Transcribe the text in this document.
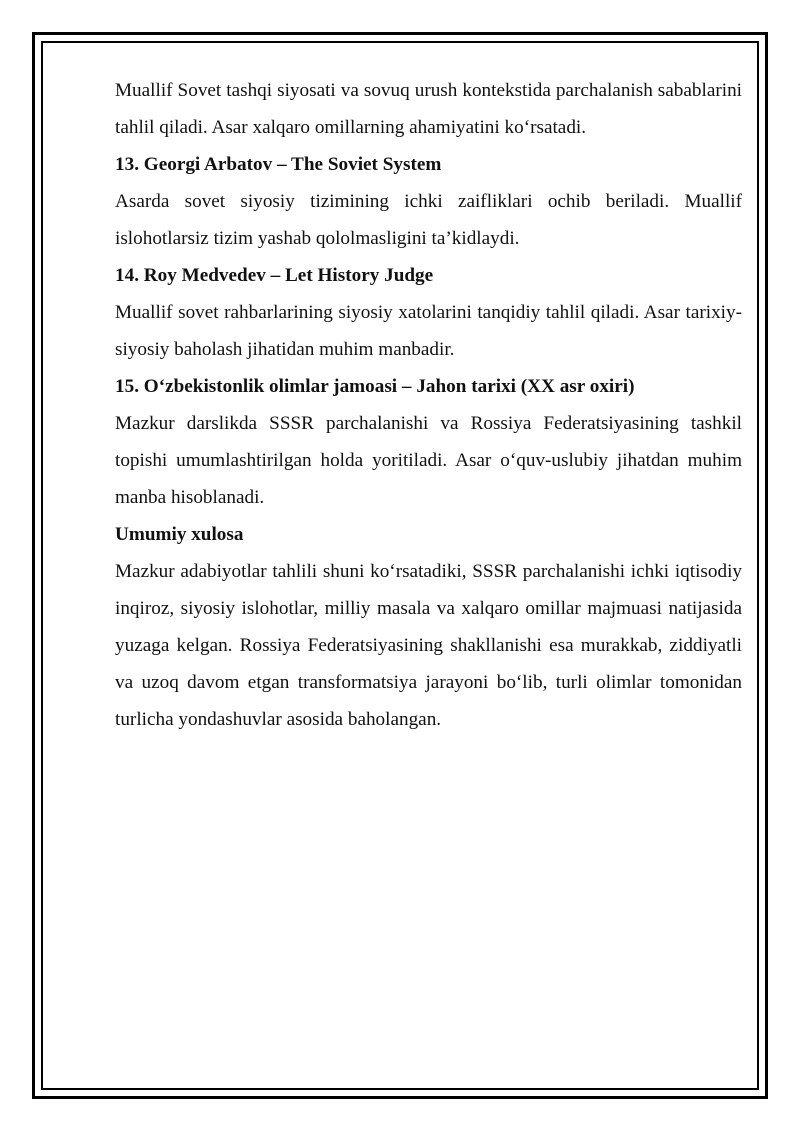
Muallif Sovet tashqi siyosati va sovuq urush kontekstida parchalanish sabablarini tahlil qiladi. Asar xalqaro omillarning ahamiyatini koʻrsatadi.

13. Georgi Arbatov – The Soviet System

Asarda sovet siyosiy tizimining ichki zaifliklari ochib beriladi. Muallif islohotlarsiz tizim yashab qololmasligini ta’kidlaydi.

14. Roy Medvedev – Let History Judge

Muallif sovet rahbarlarining siyosiy xatolarini tanqidiy tahlil qiladi. Asar tarixiy-siyosiy baholash jihatidan muhim manbadir.

15. Oʻzbekistonlik olimlar jamoasi – Jahon tarixi (XX asr oxiri)

Mazkur darslikda SSSR parchalanishi va Rossiya Federatsiyasining tashkil topishi umumlashtirilgan holda yoritiladi. Asar oʻquv-uslubiy jihatdan muhim manba hisoblanadi.

Umumiy xulosa

Mazkur adabiyotlar tahlili shuni koʻrsatadiki, SSSR parchalanishi ichki iqtisodiy inqiroz, siyosiy islohotlar, milliy masala va xalqaro omillar majmuasi natijasida yuzaga kelgan. Rossiya Federatsiyasining shakllanishi esa murakkab, ziddiyatli va uzoq davom etgan transformatsiya jarayoni boʻlib, turli olimlar tomonidan turlicha yondashuvlar asosida baholangan.
